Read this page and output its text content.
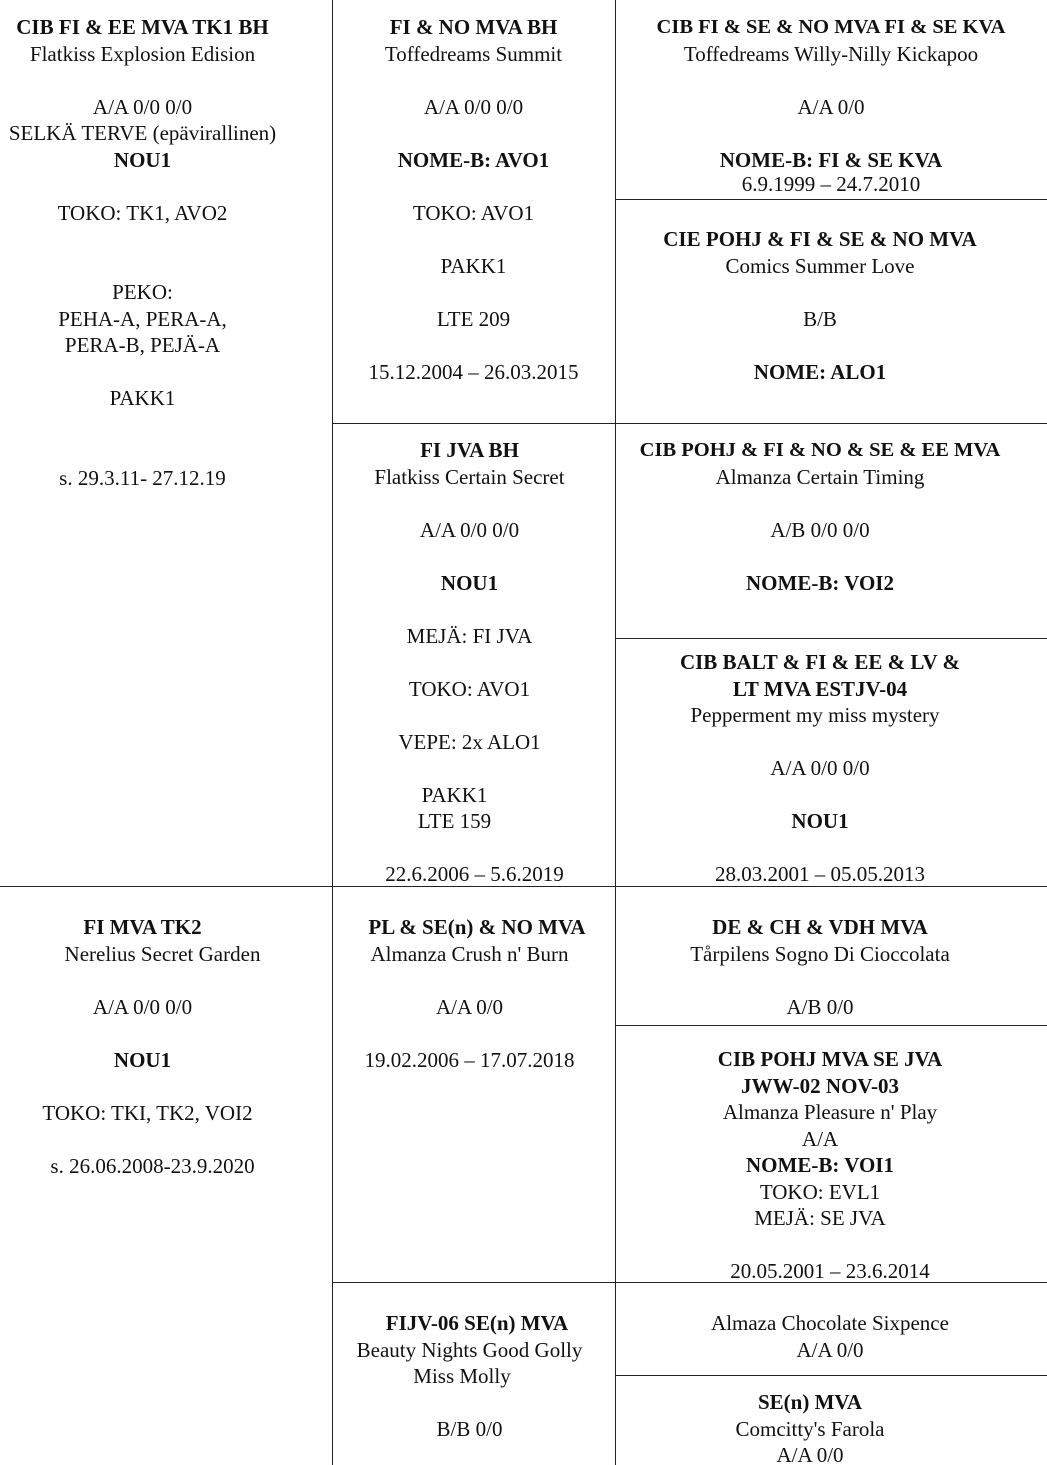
CIB FI & EE MVA TK1 BH
Flatkiss Explosion Edision
A/A 0/0 0/0
SELKÄ TERVE (epävirallinen)
NOU1
TOKO: TK1, AVO2
PEKO:
PEHA-A, PERA-A,
PERA-B, PEJÄ-A
PAKK1
s. 29.3.11- 27.12.19
FI & NO MVA BH
Toffedreams Summit
A/A 0/0 0/0
NOME-B: AVO1
TOKO: AVO1
PAKK1
LTE 209
15.12.2004 – 26.03.2015
CIB FI & SE & NO MVA FI & SE KVA
Toffedreams Willy-Nilly Kickapoo
A/A 0/0
NOME-B: FI & SE KVA
6.9.1999 – 24.7.2010
CIE POHJ & FI & SE & NO MVA
Comics Summer Love
B/B
NOME: ALO1
FI JVA BH
Flatkiss Certain Secret
A/A 0/0 0/0
NOU1
MEJÄ: FI JVA
TOKO: AVO1
VEPE: 2x ALO1
PAKK1
LTE 159
22.6.2006 – 5.6.2019
CIB POHJ & FI & NO & SE & EE MVA
Almanza Certain Timing
A/B 0/0 0/0
NOME-B: VOI2
CIB BALT & FI & EE & LV &
LT MVA ESTJV-04
Pepperment my miss mystery
A/A 0/0 0/0
NOU1
28.03.2001 – 05.05.2013
FI MVA TK2
Nerelius Secret Garden
A/A 0/0 0/0
NOU1
TOKO: TKI, TK2, VOI2
s. 26.06.2008-23.9.2020
PL & SE(n) & NO MVA
Almanza Crush n' Burn
A/A 0/0
19.02.2006 – 17.07.2018
DE & CH & VDH MVA
Tårpilens Sogno Di Cioccolata
A/B 0/0
CIB POHJ MVA SE JVA
JWW-02 NOV-03
Almanza Pleasure n' Play
A/A
NOME-B: VOI1
TOKO: EVL1
MEJÄ: SE JVA
20.05.2001 – 23.6.2014
FIJV-06 SE(n) MVA
Beauty Nights Good Golly
Miss Molly
B/B 0/0
Almaza Chocolate Sixpence
A/A 0/0
SE(n) MVA
Comcitty's Farola
A/A 0/0
